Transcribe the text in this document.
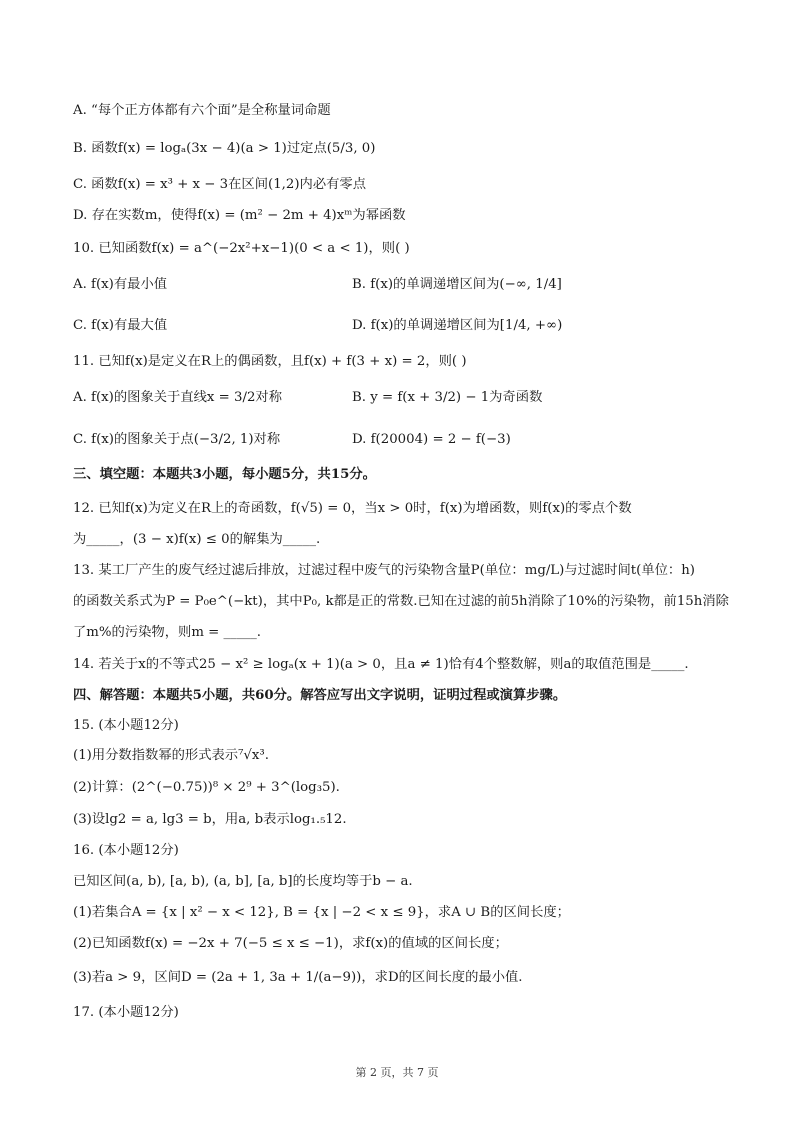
A. “每个正方体都有六个面”是全称量词命题
B. 函数f(x) = logₐ(3x − 4)(a > 1)过定点(5/3, 0)
C. 函数f(x) = x³ + x − 3在区间(1,2)内必有零点
D. 存在实数m，使得f(x) = (m² − 2m + 4)xᵐ为幂函数
10. 已知函数f(x) = a^(−2x²+x−1)(0 < a < 1)，则( )
A. f(x)有最小值	B. f(x)的单调递增区间为(−∞, 1/4]
C. f(x)有最大值	D. f(x)的单调递增区间为[1/4, +∞)
11. 已知f(x)是定义在R上的偶函数，且f(x) + f(3 + x) = 2，则( )
A. f(x)的图象关于直线x = 3/2对称	B. y = f(x + 3/2) − 1为奇函数
C. f(x)的图象关于点(−3/2, 1)对称	D. f(20004) = 2 − f(−3)
三、填空题：本题共3小题，每小题5分，共15分。
12. 已知f(x)为定义在R上的奇函数，f(√5) = 0，当x > 0时，f(x)为增函数，则f(x)的零点个数
为_____，(3 − x)f(x) ≤ 0的解集为_____.
13. 某工厂产生的废气经过滤后排放，过滤过程中废气的污染物含量P(单位：mg/L)与过滤时间t(单位：h)
的函数关系式为P = P₀e^(−kt)，其中P₀, k都是正的常数.已知在过滤的前5h消除了10%的污染物，前15h消除
了m%的污染物，则m = _____.
14. 若关于x的不等式25 − x² ≥ logₐ(x + 1)(a > 0，且a ≠ 1)恰有4个整数解，则a的取值范围是_____.
四、解答题：本题共5小题，共60分。解答应写出文字说明，证明过程或演算步骤。
15. (本小题12分)
(1)用分数指数幂的形式表示⁷√x³.
(2)计算：(2^(−0.75))⁸ × 2⁹ + 3^(log₃5).
(3)设lg2 = a, lg3 = b，用a, b表示log₁.₅12.
16. (本小题12分)
已知区间(a, b), [a, b), (a, b], [a, b]的长度均等于b − a.
(1)若集合A = {x | x² − x < 12}, B = {x | −2 < x ≤ 9}，求A ∪ B的区间长度；
(2)已知函数f(x) = −2x + 7(−5 ≤ x ≤ −1)，求f(x)的值域的区间长度；
(3)若a > 9，区间D = (2a + 1, 3a + 1/(a−9))，求D的区间长度的最小值.
17. (本小题12分)
第 2 页，共 7 页
